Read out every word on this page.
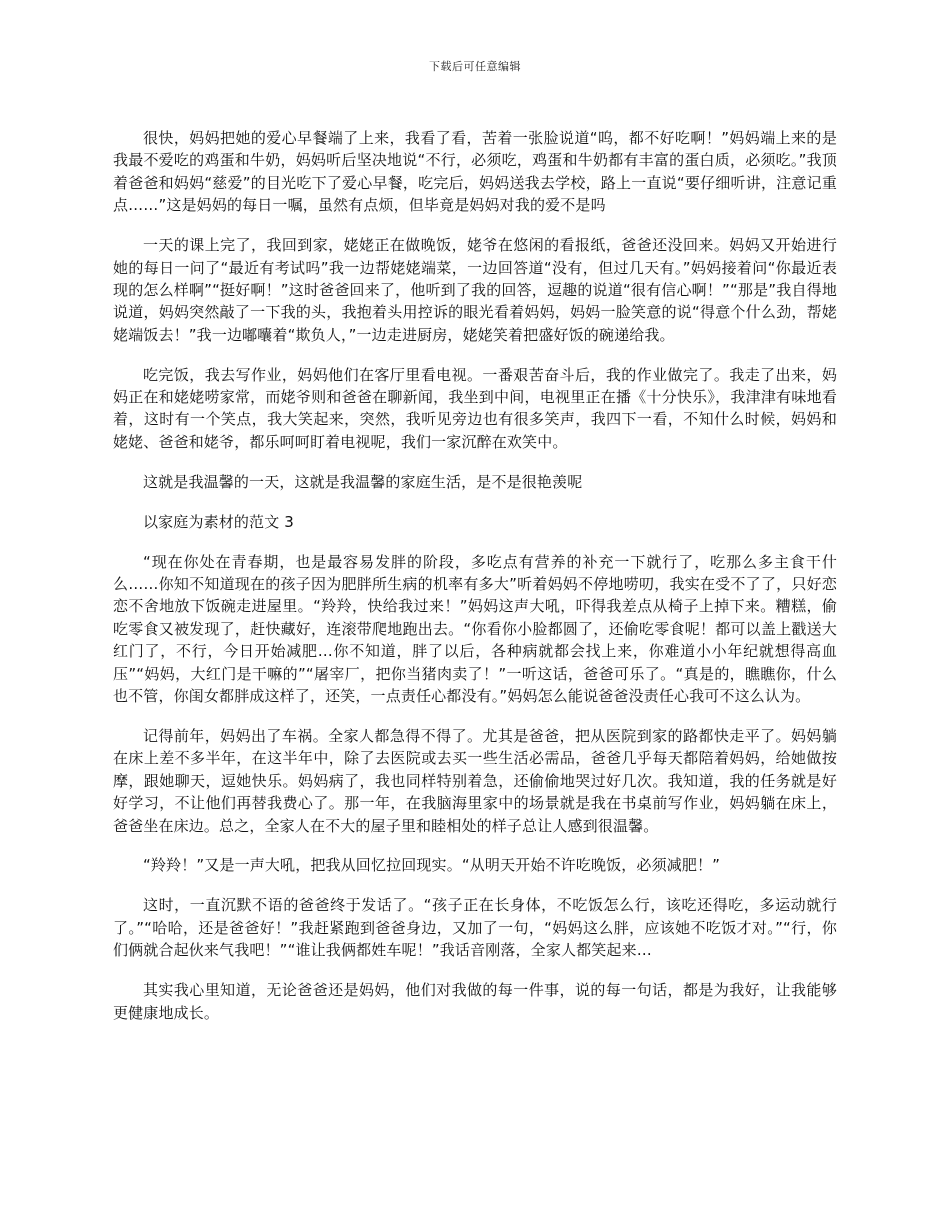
下载后可任意编辑

很快，妈妈把她的爱心早餐端了上来，我看了看，苦着一张脸说道“呜，都不好吃啊！”妈妈端上来的是我最不爱吃的鸡蛋和牛奶，妈妈听后坚决地说“不行，必须吃，鸡蛋和牛奶都有丰富的蛋白质，必须吃。”我顶着爸爸和妈妈“慈爱”的目光吃下了爱心早餐，吃完后，妈妈送我去学校，路上一直说“要仔细听讲，注意记重点……”这是妈妈的每日一嘱，虽然有点烦，但毕竟是妈妈对我的爱不是吗

一天的课上完了，我回到家，姥姥正在做晚饭，姥爷在悠闲的看报纸，爸爸还没回来。妈妈又开始进行她的每日一问了“最近有考试吗”我一边帮姥姥端菜，一边回答道“没有，但过几天有。”妈妈接着问“你最近表现的怎么样啊”“挺好啊！”这时爸爸回来了，他听到了我的回答，逗趣的说道“很有信心啊！”“那是”我自得地说道，妈妈突然敲了一下我的头，我抱着头用控诉的眼光看着妈妈，妈妈一脸笑意的说“得意个什么劲，帮姥姥端饭去！”我一边嘟囔着“欺负人，”一边走进厨房，姥姥笑着把盛好饭的碗递给我。

吃完饭，我去写作业，妈妈他们在客厅里看电视。一番艰苦奋斗后，我的作业做完了。我走了出来，妈妈正在和姥姥唠家常，而姥爷则和爸爸在聊新闻，我坐到中间，电视里正在播《十分快乐》，我津津有味地看着，这时有一个笑点，我大笑起来，突然，我听见旁边也有很多笑声，我四下一看，不知什么时候，妈妈和姥姥、爸爸和姥爷，都乐呵呵盯着电视呢，我们一家沉醉在欢笑中。

这就是我温馨的一天，这就是我温馨的家庭生活，是不是很艳羡呢

以家庭为素材的范文 3

“现在你处在青春期，也是最容易发胖的阶段，多吃点有营养的补充一下就行了，吃那么多主食干什么……你知不知道现在的孩子因为肥胖所生病的机率有多大”听着妈妈不停地唠叨，我实在受不了了，只好恋恋不舍地放下饭碗走进屋里。“羚羚，快给我过来！”妈妈这声大吼，吓得我差点从椅子上掉下来。糟糕，偷吃零食又被发现了，赶快藏好，连滚带爬地跑出去。“你看你小脸都圆了，还偷吃零食呢！都可以盖上戳送大红门了，不行，今日开始减肥…你不知道，胖了以后，各种病就都会找上来，你难道小小年纪就想得高血压”“妈妈，大红门是干嘛的”“屠宰厂，把你当猪肉卖了！”一听这话，爸爸可乐了。“真是的，瞧瞧你，什么也不管，你闺女都胖成这样了，还笑，一点责任心都没有。”妈妈怎么能说爸爸没责任心我可不这么认为。

记得前年，妈妈出了车祸。全家人都急得不得了。尤其是爸爸，把从医院到家的路都快走平了。妈妈躺在床上差不多半年，在这半年中，除了去医院或去买一些生活必需品，爸爸几乎每天都陪着妈妈，给她做按摩，跟她聊天，逗她快乐。妈妈病了，我也同样特别着急，还偷偷地哭过好几次。我知道，我的任务就是好好学习，不让他们再替我费心了。那一年，在我脑海里家中的场景就是我在书桌前写作业，妈妈躺在床上，爸爸坐在床边。总之，全家人在不大的屋子里和睦相处的样子总让人感到很温馨。

“羚羚！”又是一声大吼，把我从回忆拉回现实。“从明天开始不许吃晚饭，必须减肥！”

这时，一直沉默不语的爸爸终于发话了。“孩子正在长身体，不吃饭怎么行，该吃还得吃，多运动就行了。”“哈哈，还是爸爸好！”我赶紧跑到爸爸身边，又加了一句，“妈妈这么胖，应该她不吃饭才对。”“行，你们俩就合起伙来气我吧！”“谁让我俩都姓车呢！”我话音刚落，全家人都笑起来…

其实我心里知道，无论爸爸还是妈妈，他们对我做的每一件事，说的每一句话，都是为我好，让我能够更健康地成长。
